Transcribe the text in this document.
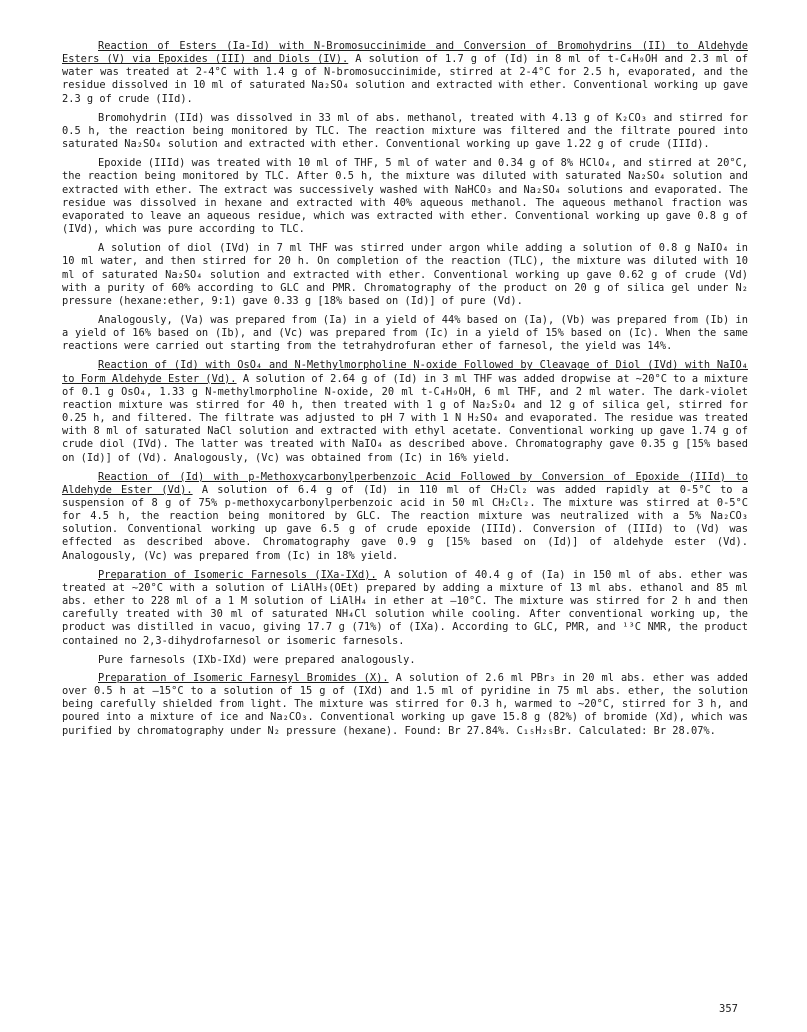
Reaction of Esters (Ia-Id) with N-Bromosuccinimide and Conversion of Bromohydrins (II) to Aldehyde Esters (V) via Epoxides (III) and Diols (IV). A solution of 1.7 g of (Id) in 8 ml of t-C₄H₉OH and 2.3 ml of water was treated at 2-4°C with 1.4 g of N-bromosuccinimide, stirred at 2-4°C for 2.5 h, evaporated, and the residue dissolved in 10 ml of saturated Na₂SO₄ solution and extracted with ether. Conventional working up gave 2.3 g of crude (IId).

Bromohydrin (IId) was dissolved in 33 ml of abs. methanol, treated with 4.13 g of K₂CO₃ and stirred for 0.5 h, the reaction being monitored by TLC. The reaction mixture was filtered and the filtrate poured into saturated Na₂SO₄ solution and extracted with ether. Conventional working up gave 1.22 g of crude (IIId).

Epoxide (IIId) was treated with 10 ml of THF, 5 ml of water and 0.34 g of 8% HClO₄, and stirred at 20°C, the reaction being monitored by TLC. After 0.5 h, the mixture was diluted with saturated Na₂SO₄ solution and extracted with ether. The extract was successively washed with NaHCO₃ and Na₂SO₄ solutions and evaporated. The residue was dissolved in hexane and extracted with 40% aqueous methanol. The aqueous methanol fraction was evaporated to leave an aqueous residue, which was extracted with ether. Conventional working up gave 0.8 g of (IVd), which was pure according to TLC.

A solution of diol (IVd) in 7 ml THF was stirred under argon while adding a solution of 0.8 g NaIO₄ in 10 ml water, and then stirred for 20 h. On completion of the reaction (TLC), the mixture was diluted with 10 ml of saturated Na₂SO₄ solution and extracted with ether. Conventional working up gave 0.62 g of crude (Vd) with a purity of 60% according to GLC and PMR. Chromatography of the product on 20 g of silica gel under N₂ pressure (hexane:ether, 9:1) gave 0.33 g [18% based on (Id)] of pure (Vd).

Analogously, (Va) was prepared from (Ia) in a yield of 44% based on (Ia), (Vb) was prepared from (Ib) in a yield of 16% based on (Ib), and (Vc) was prepared from (Ic) in a yield of 15% based on (Ic). When the same reactions were carried out starting from the tetrahydrofuran ether of farnesol, the yield was 14%.

Reaction of (Id) with OsO₄ and N-Methylmorpholine N-oxide Followed by Cleavage of Diol (IVd) with NaIO₄ to Form Aldehyde Ester (Vd). A solution of 2.64 g of (Id) in 3 ml THF was added dropwise at ~20°C to a mixture of 0.1 g OsO₄, 1.33 g N-methylmorpholine N-oxide, 20 ml t-C₄H₉OH, 6 ml THF, and 2 ml water. The dark-violet reaction mixture was stirred for 40 h, then treated with 1 g of Na₂S₂O₄ and 12 g of silica gel, stirred for 0.25 h, and filtered. The filtrate was adjusted to pH 7 with 1 N H₂SO₄ and evaporated. The residue was treated with 8 ml of saturated NaCl solution and extracted with ethyl acetate. Conventional working up gave 1.74 g of crude diol (IVd). The latter was treated with NaIO₄ as described above. Chromatography gave 0.35 g [15% based on (Id)] of (Vd). Analogously, (Vc) was obtained from (Ic) in 16% yield.

Reaction of (Id) with p-Methoxycarbonylperbenzoic Acid Followed by Conversion of Epoxide (IIId) to Aldehyde Ester (Vd). A solution of 6.4 g of (Id) in 110 ml of CH₂Cl₂ was added rapidly at 0-5°C to a suspension of 8 g of 75% p-methoxycarbonylperbenzoic acid in 50 ml CH₂Cl₂. The mixture was stirred at 0-5°C for 4.5 h, the reaction being monitored by GLC. The reaction mixture was neutralized with a 5% Na₂CO₃ solution. Conventional working up gave 6.5 g of crude epoxide (IIId). Conversion of (IIId) to (Vd) was effected as described above. Chromatography gave 0.9 g [15% based on (Id)] of aldehyde ester (Vd). Analogously, (Vc) was prepared from (Ic) in 18% yield.

Preparation of Isomeric Farnesols (IXa-IXd). A solution of 40.4 g of (Ia) in 150 ml of abs. ether was treated at ~20°C with a solution of LiAlH₃(OEt) prepared by adding a mixture of 13 ml abs. ethanol and 85 ml abs. ether to 228 ml of a 1 M solution of LiAlH₄ in ether at –10°C. The mixture was stirred for 2 h and then carefully treated with 30 ml of saturated NH₄Cl solution while cooling. After conventional working up, the product was distilled in vacuo, giving 17.7 g (71%) of (IXa). According to GLC, PMR, and ¹³C NMR, the product contained no 2,3-dihydrofarnesol or isomeric farnesols.

Pure farnesols (IXb-IXd) were prepared analogously.

Preparation of Isomeric Farnesyl Bromides (X). A solution of 2.6 ml PBr₃ in 20 ml abs. ether was added over 0.5 h at –15°C to a solution of 15 g of (IXd) and 1.5 ml of pyridine in 75 ml abs. ether, the solution being carefully shielded from light. The mixture was stirred for 0.3 h, warmed to ~20°C, stirred for 3 h, and poured into a mixture of ice and Na₂CO₃. Conventional working up gave 15.8 g (82%) of bromide (Xd), which was purified by chromatography under N₂ pressure (hexane). Found: Br 27.84%. C₁₅H₂₅Br. Calculated: Br 28.07%.

357
